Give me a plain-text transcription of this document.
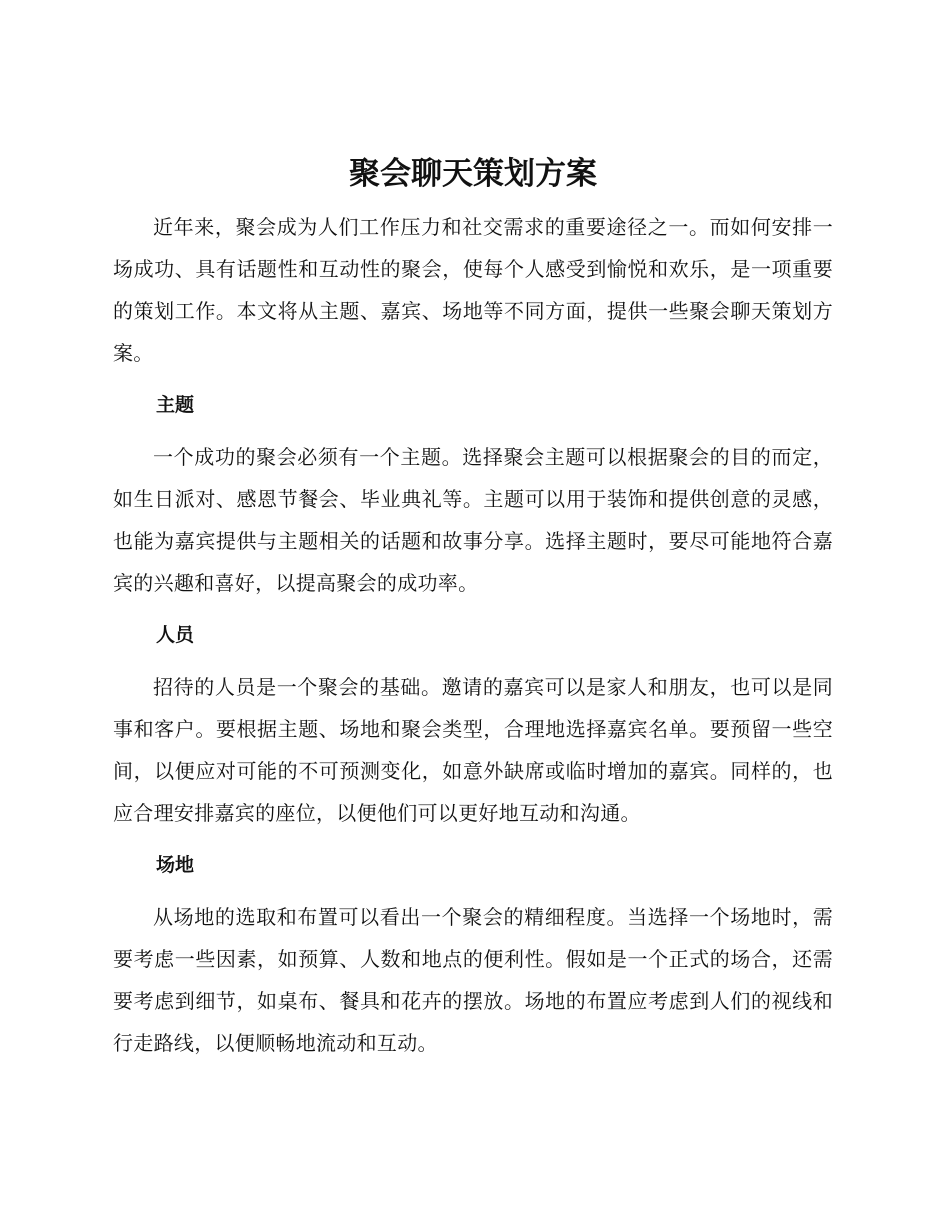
聚会聊天策划方案

近年来，聚会成为人们工作压力和社交需求的重要途径之一。而如何安排一场成功、具有话题性和互动性的聚会，使每个人感受到愉悦和欢乐，是一项重要的策划工作。本文将从主题、嘉宾、场地等不同方面，提供一些聚会聊天策划方案。

主题

一个成功的聚会必须有一个主题。选择聚会主题可以根据聚会的目的而定，如生日派对、感恩节餐会、毕业典礼等。主题可以用于装饰和提供创意的灵感，也能为嘉宾提供与主题相关的话题和故事分享。选择主题时，要尽可能地符合嘉宾的兴趣和喜好，以提高聚会的成功率。

人员

招待的人员是一个聚会的基础。邀请的嘉宾可以是家人和朋友，也可以是同事和客户。要根据主题、场地和聚会类型，合理地选择嘉宾名单。要预留一些空间，以便应对可能的不可预测变化，如意外缺席或临时增加的嘉宾。同样的，也应合理安排嘉宾的座位，以便他们可以更好地互动和沟通。

场地

从场地的选取和布置可以看出一个聚会的精细程度。当选择一个场地时，需要考虑一些因素，如预算、人数和地点的便利性。假如是一个正式的场合，还需要考虑到细节，如桌布、餐具和花卉的摆放。场地的布置应考虑到人们的视线和行走路线，以便顺畅地流动和互动。
